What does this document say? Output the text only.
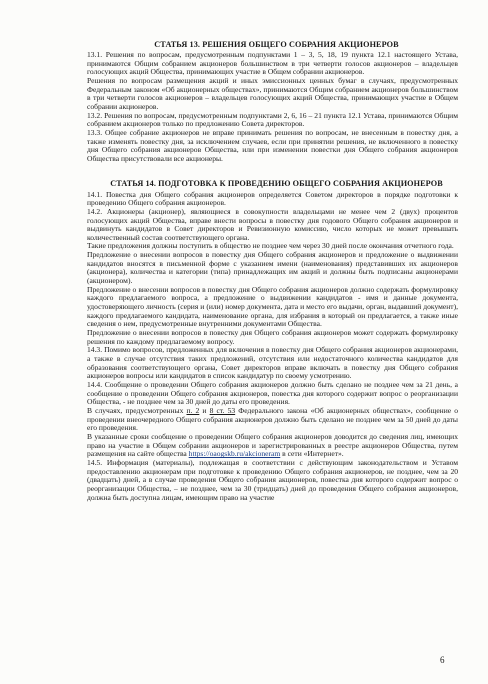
СТАТЬЯ 13. РЕШЕНИЯ ОБЩЕГО СОБРАНИЯ АКЦИОНЕРОВ

13.1. Решения по вопросам, предусмотренным подпунктами 1 – 3, 5, 18, 19 пункта 12.1 настоящего Устава, принимаются Общим собранием акционеров большинством в три четверти голосов акционеров – владельцев голосующих акций Общества, принимающих участие в Общем собрании акционеров.

Решения по вопросам размещения акций и иных эмиссионных ценных бумаг в случаях, предусмотренных Федеральным законом «Об акционерных обществах», принимаются Общим собранием акционеров большинством в три четверти голосов акционеров – владельцев голосующих акций Общества, принимающих участие в Общем собрании акционеров.

13.2. Решения по вопросам, предусмотренным подпунктами 2, 6, 16 – 21 пункта 12.1 Устава, принимаются Общим собранием акционеров только по предложению Совета директоров.

13.3. Общее собрание акционеров не вправе принимать решения по вопросам, не внесенным в повестку дня, а также изменять повестку дня, за исключением случаев, если при принятии решения, не включенного в повестку дня Общего собрания акционеров Общества, или при изменении повестки дня Общего собрания акционеров Общества присутствовали все акционеры.

СТАТЬЯ 14. ПОДГОТОВКА К ПРОВЕДЕНИЮ ОБЩЕГО СОБРАНИЯ АКЦИОНЕРОВ

14.1. Повестка дня Общего собрания акционеров определяется Советом директоров в порядке подготовки к проведению Общего собрания акционеров.

14.2. Акционеры (акционер), являющиеся в совокупности владельцами не менее чем 2 (двух) процентов голосующих акций Общества, вправе внести вопросы в повестку дня годового Общего собрания акционеров и выдвинуть кандидатов в Совет директоров и Ревизионную комиссию, число которых не может превышать количественный состав соответствующего органа.

Такие предложения должны поступить в общество не позднее чем через 30 дней после окончания отчетного года.

Предложение о внесении вопросов в повестку дня Общего собрания акционеров и предложение о выдвижении кандидатов вносятся в письменной форме с указанием имени (наименования) представивших их акционеров (акционера), количества и категории (типа) принадлежащих им акций и должны быть подписаны акционерами (акционером).

Предложение о внесении вопросов в повестку дня Общего собрания акционеров должно содержать формулировку каждого предлагаемого вопроса, а предложение о выдвижении кандидатов - имя и данные документа, удостоверяющего личность (серия и (или) номер документа, дата и место его выдачи, орган, выдавший документ), каждого предлагаемого кандидата, наименование органа, для избрания в который он предлагается, а также иные сведения о нем, предусмотренные внутренними документами Общества.

Предложение о внесении вопросов в повестку дня Общего собрания акционеров может содержать формулировку решения по каждому предлагаемому вопросу.

14.3. Помимо вопросов, предложенных для включения в повестку дня Общего собрания акционеров акционерами, а также в случае отсутствия таких предложений, отсутствия или недостаточного количества кандидатов для образования соответствующего органа, Совет директоров вправе включать в повестку дня Общего собрания акционеров вопросы или кандидатов в список кандидатур по своему усмотрению.

14.4. Сообщение о проведении Общего собрания акционеров должно быть сделано не позднее чем за 21 день, а сообщение о проведении Общего собрания акционеров, повестка дня которого содержит вопрос о реорганизации Общества, - не позднее чем за 30 дней до даты его проведения.

В случаях, предусмотренных п. 2 и 8 ст. 53 Федерального закона «Об акционерных обществах», сообщение о проведении внеочередного Общего собрания акционеров должно быть сделано не позднее чем за 50 дней до даты его проведения.

В указанные сроки сообщение о проведении Общего собрания акционеров доводится до сведения лиц, имеющих право на участие в Общем собрании акционеров и зарегистрированных в реестре акционеров Общества, путем размещения на сайте общества https://oaogskb.ru/akcioneram в сети «Интернет».

14.5. Информация (материалы), подлежащая в соответствии с действующим законодательством и Уставом предоставлению акционерам при подготовке к проведению Общего собрания акционеров, не позднее, чем за 20 (двадцать) дней, а в случае проведения Общего собрания акционеров, повестка дня которого содержит вопрос о реорганизации Общества, – не позднее, чем за 30 (тридцать) дней до проведения Общего собрания акционеров, должна быть доступна лицам, имеющим право на участие

6
